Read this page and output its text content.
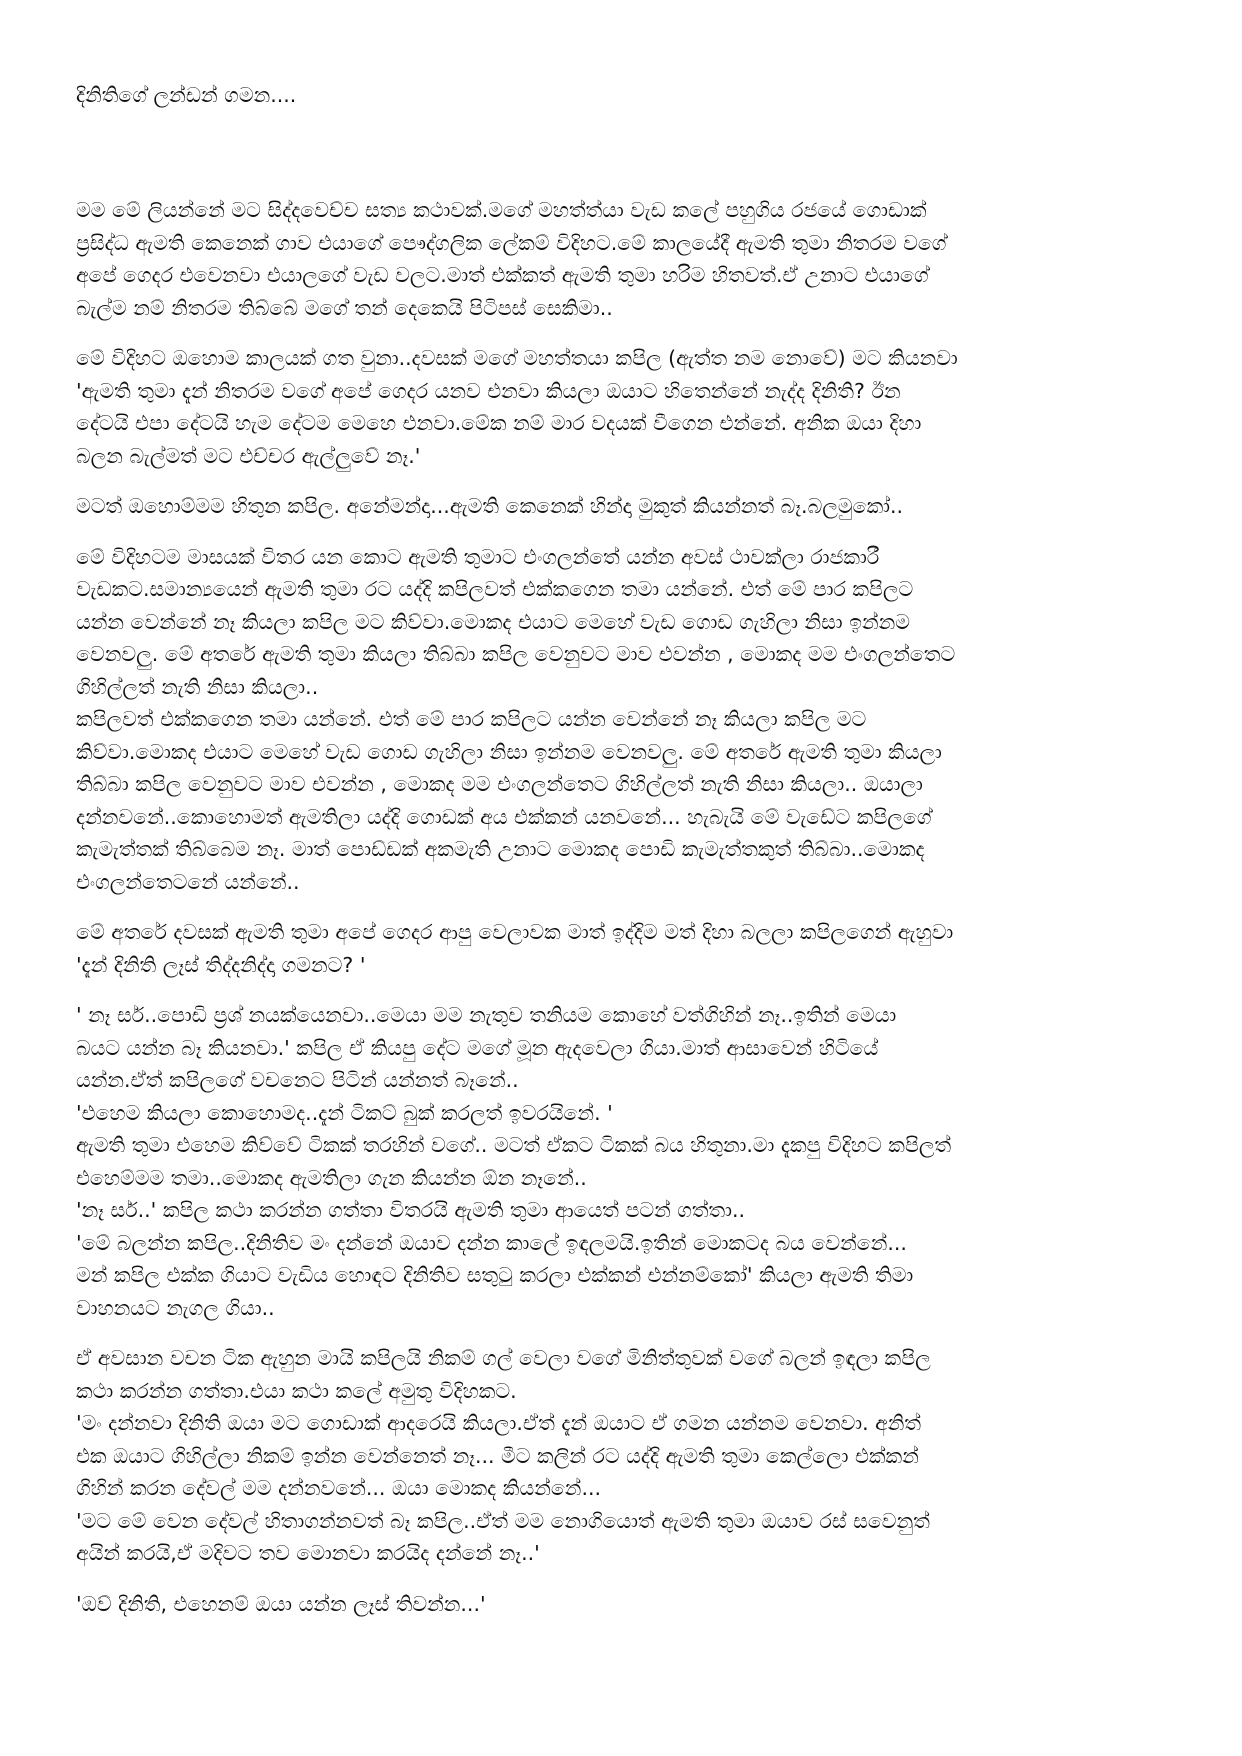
දිනිතිගේ ලන්ඩන් ගමන....

මම මේ ලියන්නේ මට සිද්දවෙච්ච සත්‍ය කථාවක්.මගේ මහත්ත්යා වැඩ කලේ පහුගිය රජයේ ගොඩාක්
ප්‍රසිද්ධ ඇමති කෙනෙක් ගාව එයාගේ පෞද්ගලික ලේකම් විදිහට.මේ කාලයේදී ඇමති තුමා නිතරම වගේ
අපේ ගෙදර එවෙනවා එයාලගේ වැඩ වලට.මාත් එක්කත් ඇමති තුමා හරිම හිතවත්.ඒ උනාට එයාගේ
බැල්ම නම් නිතරම තිබ්බේ මගේ තන් දෙකෙයි පිටිපස් සෙකිමා..

මේ විදිහට ඔහොම කාලයක් ගත වුනා..දවසක් මගේ මහත්තයා කපිල (ඇත්ත නම නොවේ) මට කියනවා
'ඇමති තුමා දැන් නිතරම වගේ අපේ ගෙදර යනව එනවා කියලා ඔයාට හිතෙන්නේ නැද්ද දිනිති? ඊන
දේටයි එපා දේටයි හැම දේටම මෙහෙ එනවා.මේක නම් මාර වදයක් වීගෙන එන්නේ. අනික ඔයා දිහා
බලන බැල්මත් මට එච්චර ඇල්ලුවේ නෑ.'

මටත් ඔහොම්මම හිතුන කපිල. අනේමන්දා...ඇමති කෙනෙක් හින්දා මුකුත් කියන්නත් බෑ.බලමුකෝ..

මේ විදිහටම මාසයක් විතර යන කොට ඇමති තුමාට එංගලන්තේ යන්න අවස් ථාවක්ලා රාජකාරී
වැඩකට.සමාන්‍යයෙන් ඇමති තුමා රට යද්දි කපිලවත් එක්කගෙන තමා යන්නේ. එත් මේ පාර කපිලට
යන්න වෙන්නේ නෑ කියලා කපිල මට කිව්වා.මොකද එයාට මෙහේ වැඩ ගොඩ ගැහිලා නිසා ඉන්නම
වෙනවලු. මේ අතරේ ඇමති තුමා කියලා තිබ්බා කපිල වෙනුවට මාව එවන්න , මොකද මම එංගලන්තෙට
ගිහිල්ලත් නැති නිසා කියලා..
කපිලවත් එක්කගෙන තමා යන්නේ. එත් මේ පාර කපිලට යන්න වෙන්නේ නෑ කියලා කපිල මට
කිව්වා.මොකද එයාට මෙහේ වැඩ ගොඩ ගැහිලා නිසා ඉන්නම වෙනවලු. මේ අතරේ ඇමති තුමා කියලා
තිබ්බා කපිල වෙනුවට මාව එවන්න , මොකද මම එංගලන්තෙට ගිහිල්ලත් නැති නිසා කියලා.. ඔයාලා
දන්නවනේ..කොහොමත් ඇමතිලා යද්දි ගොඩක් අය එක්කන් යනවනේ... හැබැයි මේ වැඩේට කපිලගේ
කැමැත්තක් තිබ්බෙම නෑ. මාත් පොඩ්ඩක් අකමැති උනාට මොකද පොඩි කැමැත්තකුත් තිබ්බා..මොකද
එංගලන්තෙටනේ යන්නේ..

මේ අතරේ දවසක් ඇමති තුමා අපේ ගෙදර ආපු වෙලාවක මාත් ඉද්දිම මත් දිහා බලලා කපිලගෙන් ඇහුවා
'දැන් දිනිති ලෑස් තිද්දනිද්දා ගමනට? '

' නෑ සර්..පොඩි ප්‍රශ් නයක්යෙනවා..මෙයා මම නැතුව තනියම කොහේ වත්ගිහින් නෑ..ඉතින් මෙයා
බයට යන්න බෑ කියනවා.' කපිල ඒ කියපු දේට මගේ මූන ඇදවෙලා ගියා.මාත් ආසාවෙන් හිටියේ
යන්න.ඒත් කපිලගේ වචනෙට පිටින් යන්නත් බෑනේ..
'එහෙම කියලා කොහොමද..දැන් ටිකට් බුක් කරලත් ඉවරයිනේ. '
ඇමති තුමා එහෙම කිව්වේ ටිකක් තරහින් වගේ.. මටත් ඒකට ටිකක් බය හිතුනා.මා දැකපු විදිහට කපිලත්
එහෙම්මම තමා..මොකද ඇමතිලා ගැන කියන්න ඕන නෑනේ..
'නෑ සර්..' කපිල කථා කරන්න ගත්තා විතරයි ඇමති තුමා ආයෙත් පටන් ගත්තා..
'මේ බලන්න කපිල..දිනිතිව මං දන්නේ ඔයාව දන්න කාලේ ඉඳලමයි.ඉතින් මොකටද බය වෙන්නේ...
මන් කපිල එක්ක ගියාට වැඩිය හොඳට දිනිතිව සතුටු කරලා එක්කන් එන්නම්කෝ' කියලා ඇමති තිමා
වාහනයට නැගල ගියා..

ඒ අවසාන වචන ටික ඇහුන මායි කපිලයි නිකම් ගල් වෙලා වගේ මිනිත්තුවක් වගේ බලන් ඉඳලා කපිල
කථා කරන්න ගත්තා.එයා කථා කලේ අමුතු විදිහකට.
'මං දන්නවා දිනිති ඔයා මට ගොඩාක් ආදරෙයි කියලා.ඒත් දැන් ඔයාට ඒ ගමන යන්නම වෙනවා. අනිත්
එක ඔයාට ගිහිල්ලා නිකම් ඉන්න වෙන්නෙත් නෑ... මීට කලින් රට යද්දි ඇමති තුමා කෙල්ලො එක්කන්
ගිහින් කරන දේවල් මම දන්නවනේ... ඔයා මොකද කියන්නේ...
'මට මේ වෙන දේවල් හිතාගන්නවත් බෑ කපිල..ඒත් මම නොගියොත් ඇමති තුමා ඔයාව රස් සවෙනුත්
අයින් කරයි,ඒ මදිවට තව මොනවා කරයිද දන්නේ නෑ..'

'ඔව් දිනිති, එහෙනම් ඔයා යන්න ලෑස් තිවන්න...'
